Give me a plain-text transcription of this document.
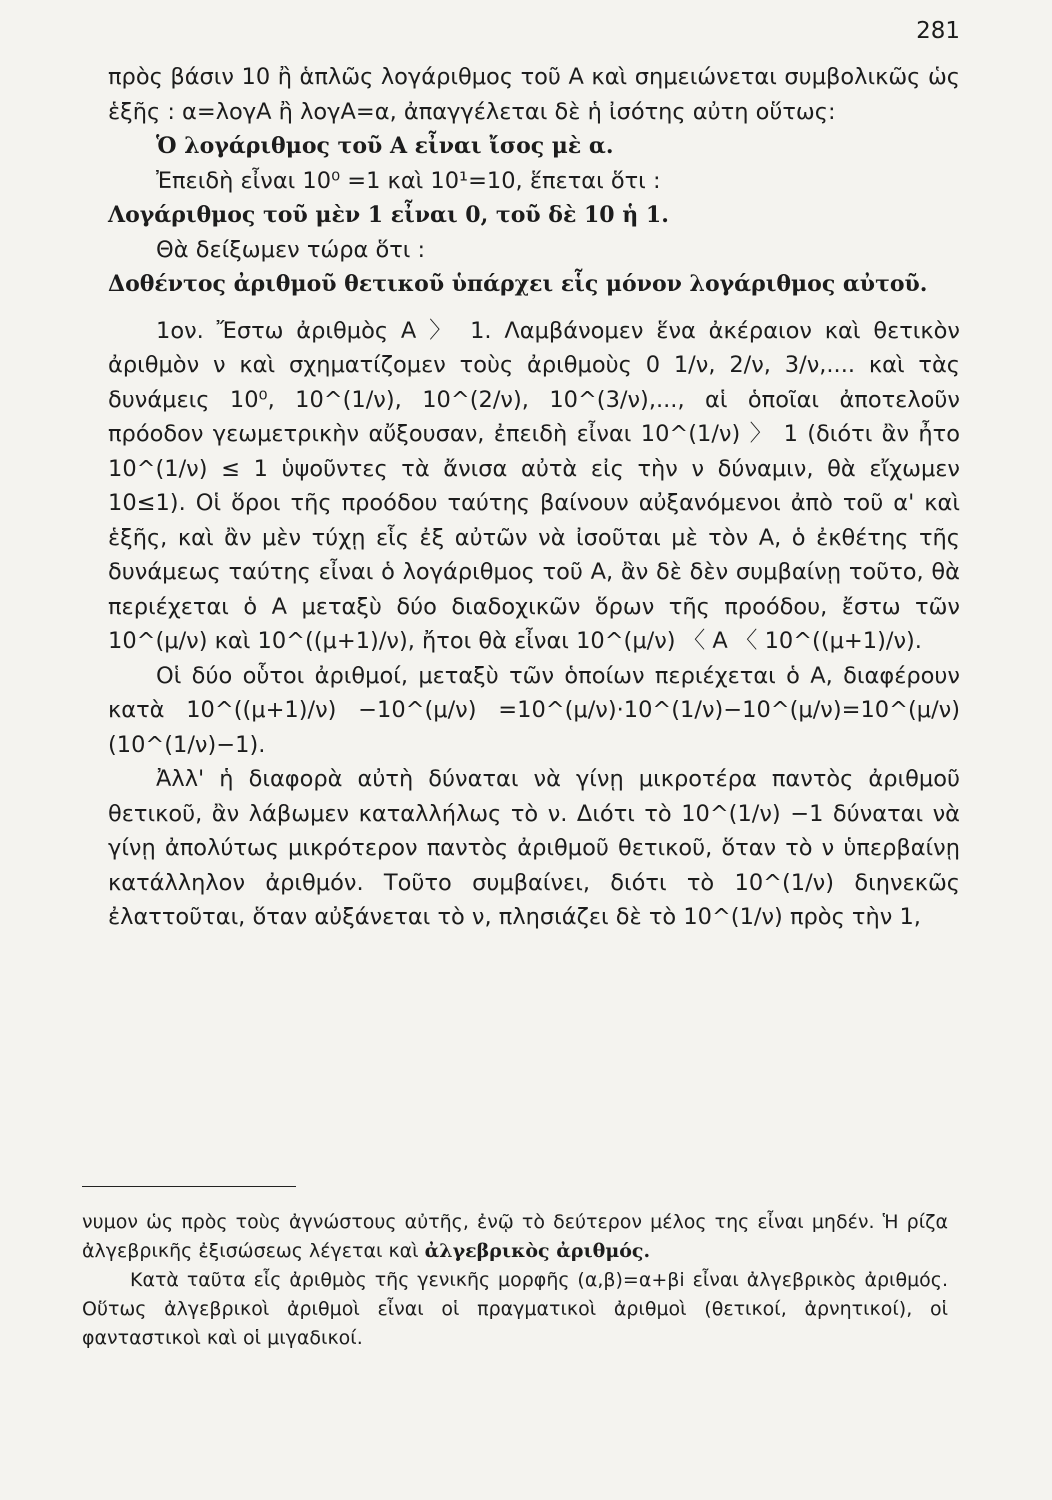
281

πρὸς βάσιν 10 ἢ ἁπλῶς λογάριθμος τοῦ Α καὶ σημειώνεται συμβολικῶς ὡς ἑξῆς : α=λογΑ ἢ λογΑ=α, ἀπαγγέλεται δὲ ἡ ἰσότης αὐτη οὕτως:

Ὁ λογάριθμος τοῦ Α εἶναι ἴσος μὲ α.

Ἐπειδὴ εἶναι 10⁰ =1 καὶ 10¹=10, ἕπεται ὅτι :

Λογάριθμος τοῦ μὲν 1 εἶναι 0, τοῦ δὲ 10 ἡ 1.

Θὰ δείξωμεν τώρα ὅτι :

Δοθέντος ἀριθμοῦ θετικοῦ ὑπάρχει εἷς μόνον λογάριθμος αὐτοῦ.

1ον. Ἔστω ἀριθμὸς Α 〉 1. Λαμβάνομεν ἕνα ἀκέραιον καὶ θετικὸν ἀριθμὸν ν καὶ σχηματίζομεν τοὺς ἀριθμοὺς 0 1/ν, 2/ν, 3/ν,.... καὶ τὰς δυνάμεις 10⁰, 10^(1/ν), 10^(2/ν), 10^(3/ν),..., αἱ ὁποῖαι ἀποτελοῦν πρόοδον γεωμετρικὴν αὔξουσαν, ἐπειδὴ εἶναι 10^(1/ν) 〉 1 (διότι ἂν ἦτο 10^(1/ν) ≤ 1 ὑψοῦντες τὰ ἄνισα αὐτὰ εἰς τὴν ν δύναμιν, θὰ εἴχωμεν 10≤1). Οἱ ὅροι τῆς προόδου ταύτης βαίνουν αὐξανόμενοι ἀπὸ τοῦ α' καὶ ἑξῆς, καὶ ἂν μὲν τύχῃ εἷς ἐξ αὐτῶν νὰ ἰσοῦται μὲ τὸν Α, ὁ ἐκθέτης τῆς δυνάμεως ταύτης εἶναι ὁ λογάριθμος τοῦ Α, ἂν δὲ δὲν συμβαίνῃ τοῦτο, θὰ περιέχεται ὁ Α μεταξὺ δύο διαδοχικῶν ὅρων τῆς προόδου, ἔστω τῶν 10^(μ/ν) καὶ 10^((μ+1)/ν), ἤτοι θὰ εἶναι 10^(μ/ν) 〈 Α 〈 10^((μ+1)/ν).

Οἱ δύο οὗτοι ἀριθμοί, μεταξὺ τῶν ὁποίων περιέχεται ὁ Α, διαφέρουν κατὰ 10^((μ+1)/ν) −10^(μ/ν) =10^(μ/ν)·10^(1/ν)−10^(μ/ν)=10^(μ/ν)(10^(1/ν)−1).

Ἀλλ' ἡ διαφορὰ αὐτὴ δύναται νὰ γίνῃ μικροτέρα παντὸς ἀριθμοῦ θετικοῦ, ἂν λάβωμεν καταλλήλως τὸ ν. Διότι τὸ 10^(1/ν) −1 δύναται νὰ γίνῃ ἀπολύτως μικρότερον παντὸς ἀριθμοῦ θετικοῦ, ὅταν τὸ ν ὑπερβαίνῃ κατάλληλον ἀριθμόν. Τοῦτο συμβαίνει, διότι τὸ 10^(1/ν) διηνεκῶς ἐλαττοῦται, ὅταν αὐξάνεται τὸ ν, πλησιάζει δὲ τὸ 10^(1/ν) πρὸς τὴν 1,

νυμον ὡς πρὸς τοὺς ἀγνώστους αὐτῆς, ἐνῷ τὸ δεύτερον μέλος της εἶναι μηδέν. Ἡ ρίζα ἀλγεβρικῆς ἐξισώσεως λέγεται καὶ ἀλγεβρικὸς ἀριθμός.

Κατὰ ταῦτα εἷς ἀριθμὸς τῆς γενικῆς μορφῆς (α,β)=α+βi εἶναι ἀλγεβρικὸς ἀριθμός. Οὕτως ἀλγεβρικοὶ ἀριθμοὶ εἶναι οἱ πραγματικοὶ ἀριθμοὶ (θετικοί, ἀρνητικοί), οἱ φανταστικοὶ καὶ οἱ μιγαδικοί.
